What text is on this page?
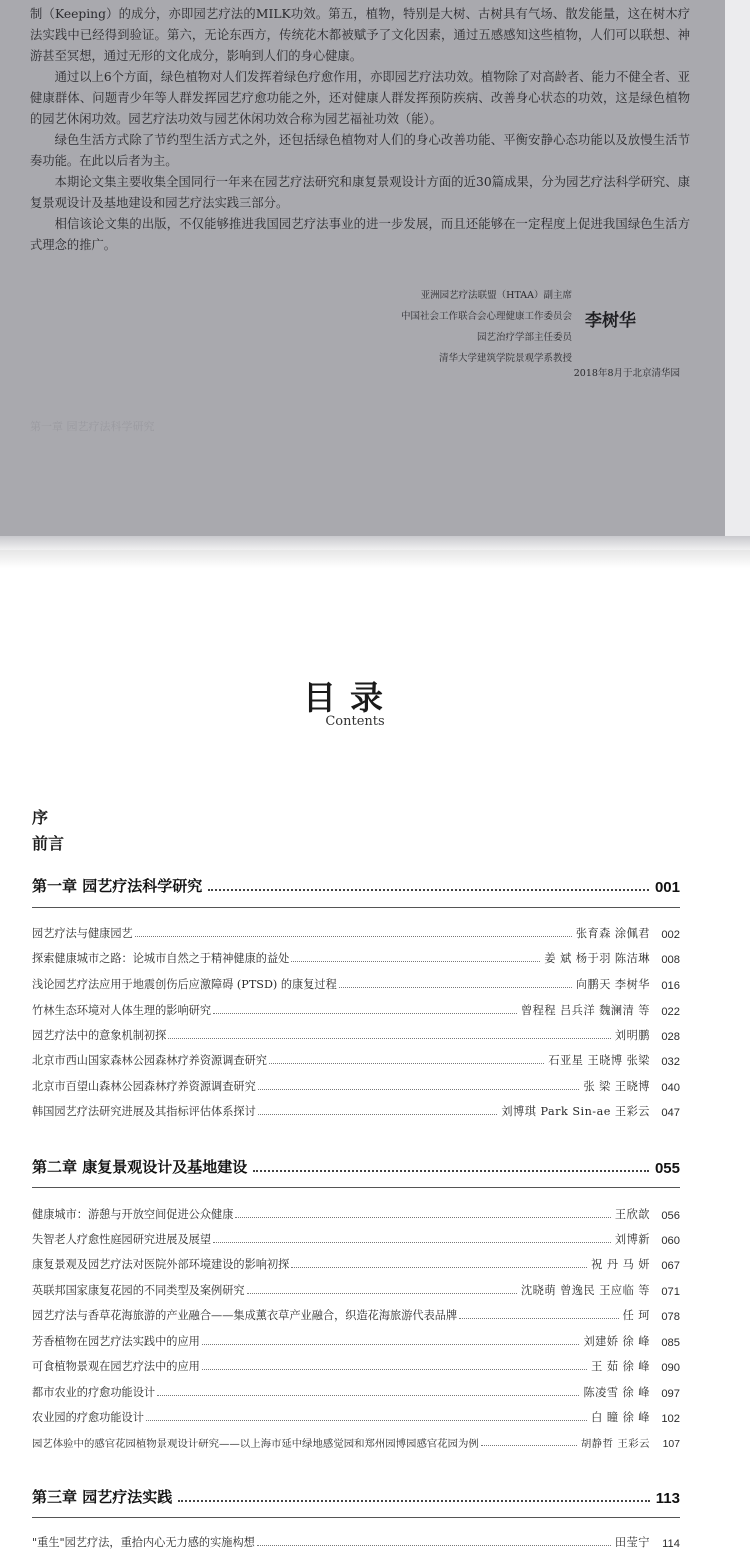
制（Keeping）的成分，亦即园艺疗法的MILK功效。第五，植物，特别是大树、古树具有气场、散发能量，这在树木疗法实践中已经得到验证。第六，无论东西方，传统花木都被赋予了文化因素，通过五感感知这些植物，人们可以联想、神游甚至冥想，通过无形的文化成分，影响到人们的身心健康。

通过以上6个方面，绿色植物对人们发挥着绿色疗愈作用，亦即园艺疗法功效。植物除了对高龄者、能力不健全者、亚健康群体、问题青少年等人群发挥园艺疗愈功能之外，还对健康人群发挥预防疾病、改善身心状态的功效，这是绿色植物的园艺休闲功效。园艺疗法功效与园艺休闲功效合称为园艺福祉功效（能）。

绿色生活方式除了节约型生活方式之外，还包括绿色植物对人们的身心改善功能、平衡安静心态功能以及放慢生活节奏功能。在此以后者为主。

本期论文集主要收集全国同行一年来在园艺疗法研究和康复景观设计方面的近30篇成果，分为园艺疗法科学研究、康复景观设计及基地建设和园艺疗法实践三部分。

相信该论文集的出版，不仅能够推进我国园艺疗法事业的进一步发展，而且还能够在一定程度上促进我国绿色生活方式理念的推广。

亚洲园艺疗法联盟（HTAA）副主席
中国社会工作联合会心理健康工作委员会
园艺治疗学部主任委员
清华大学建筑学院景观学系教授
李树华
2018年8月于北京清华园
第一章 园艺疗法科学研究
目录
Contents
序
前言
第一章 园艺疗法科学研究	001
园艺疗法与健康园艺	张育森 涂佩君	002
探索健康城市之路：论城市自然之于精神健康的益处	姜 斌 杨于羽 陈洁琳	008
浅论园艺疗法应用于地震创伤后应激障碍 (PTSD) 的康复过程	向鹏天 李树华	016
竹林生态环境对人体生理的影响研究	曾程程 吕兵洋 魏澜清 等	022
园艺疗法中的意象机制初探	刘明鹏	028
北京市西山国家森林公园森林疗养资源调查研究	石亚星 王晓博 张梁	032
北京市百望山森林公园森林疗养资源调查研究	张 梁 王晓博	040
韩国园艺疗法研究进展及其指标评估体系探讨	刘博琪 Park Sin-ae 王彩云	047
第二章 康复景观设计及基地建设	055
健康城市：游憩与开放空间促进公众健康	王欣歆	056
失智老人疗愈性庭园研究进展及展望	刘博新	060
康复景观及园艺疗法对医院外部环境建设的影响初探	祝 丹 马 妍	067
英联邦国家康复花园的不同类型及案例研究	沈晓萌 曾逸民 王应临 等	071
园艺疗法与香草花海旅游的产业融合——集成薰衣草产业融合，织造花海旅游代表品牌	任 珂	078
芳香植物在园艺疗法实践中的应用	刘建娇 徐 峰	085
可食植物景观在园艺疗法中的应用	王 茹 徐 峰	090
都市农业的疗愈功能设计	陈凌雪 徐 峰	097
农业园的疗愈功能设计	白 瞳 徐 峰	102
园艺体验中的感官花园植物景观设计研究——以上海市延中绿地感觉园和郑州园博园感官花园为例	胡静哲 王彩云	107
第三章 园艺疗法实践	113
"重生"园艺疗法，重拾内心无力感的实施构想	田莹宁	114
